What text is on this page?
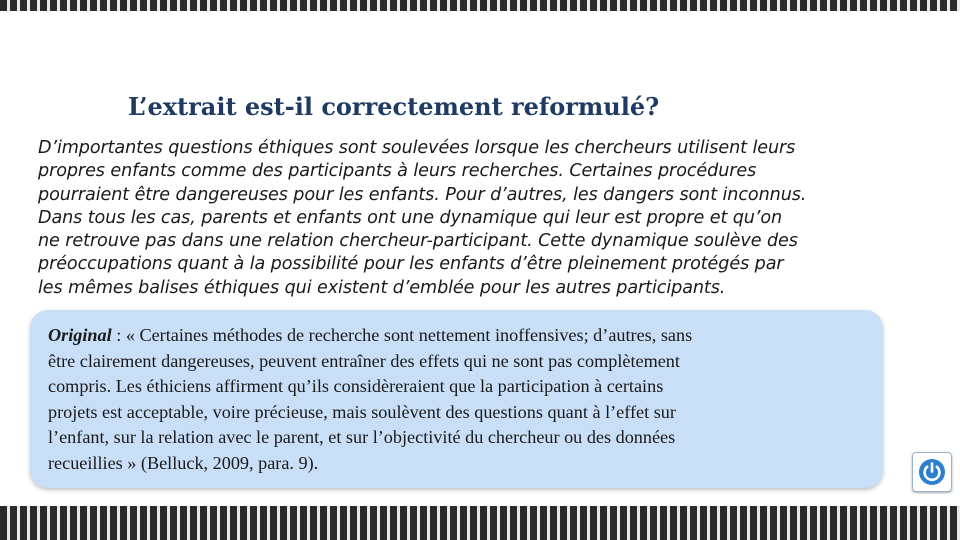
L’extrait est-il correctement reformulé?
D’importantes questions éthiques sont soulevées lorsque les chercheurs utilisent leurs
propres enfants comme des participants à leurs recherches. Certaines procédures
pourraient être dangereuses pour les enfants. Pour d’autres, les dangers sont inconnus.
Dans tous les cas, parents et enfants ont une dynamique qui leur est propre et qu’on
ne retrouve pas dans une relation chercheur-participant. Cette dynamique soulève des
préoccupations quant à la possibilité pour les enfants d’être pleinement protégés par
les mêmes balises éthiques qui existent d’emblée pour les autres participants.
Original : « Certaines méthodes de recherche sont nettement inoffensives; d’autres, sans
être clairement dangereuses, peuvent entraîner des effets qui ne sont pas complètement
compris. Les éthiciens affirment qu’ils considèreraient que la participation à certains
projets est acceptable, voire précieuse, mais soulèvent des questions quant à l’effet sur
l’enfant, sur la relation avec le parent, et sur l’objectivité du chercheur ou des données
recueillies » (Belluck, 2009, para. 9).
